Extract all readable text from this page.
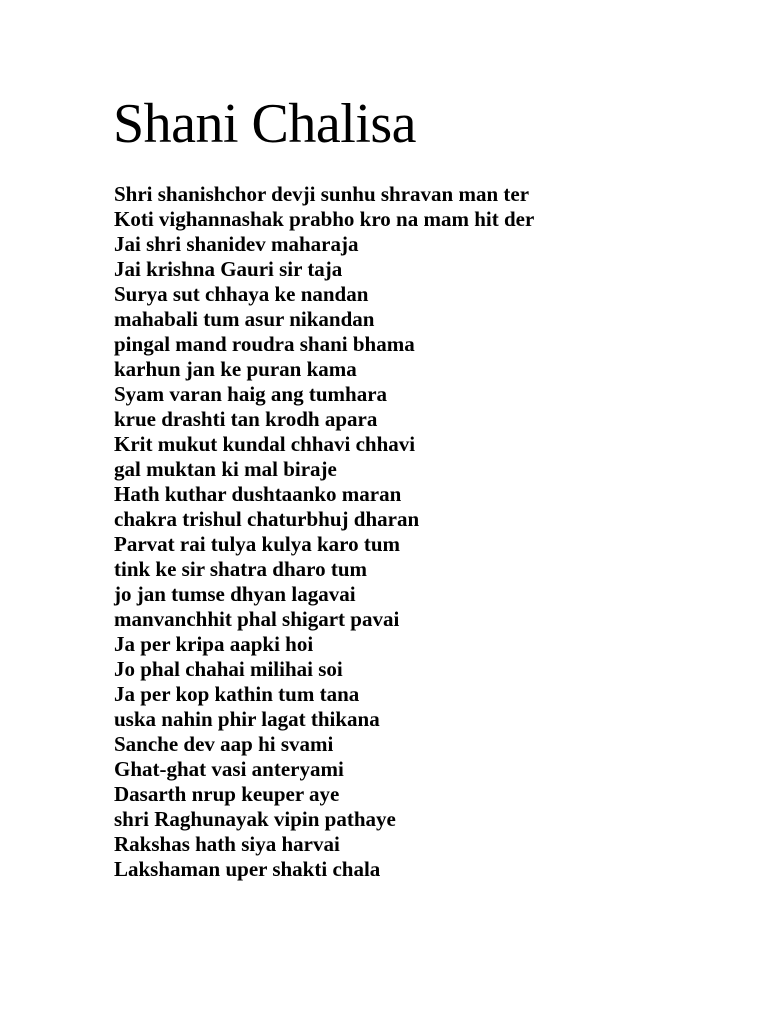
Shani Chalisa
Shri shanishchor devji sunhu shravan man ter
Koti vighannashak prabho kro na mam hit der
Jai shri shanidev maharaja
Jai krishna Gauri sir taja
Surya sut chhaya ke nandan
mahabali tum asur nikandan
pingal mand roudra shani bhama
karhun jan ke puran kama
Syam varan haig ang tumhara
krue drashti tan krodh apara
Krit mukut kundal chhavi chhavi
gal muktan ki mal biraje
Hath kuthar dushtaanko maran
chakra trishul chaturbhuj dharan
Parvat rai tulya kulya karo tum
tink ke sir shatra dharo tum
jo jan tumse dhyan lagavai
manvanchhit phal shigart pavai
Ja per kripa aapki hoi
Jo phal chahai milihai soi
Ja per kop kathin tum tana
uska nahin phir lagat thikana
Sanche dev aap hi svami
Ghat-ghat vasi anteryami
Dasarth nrup keuper aye
shri Raghunayak vipin pathaye
Rakshas hath siya harvai
Lakshaman uper shakti chala
